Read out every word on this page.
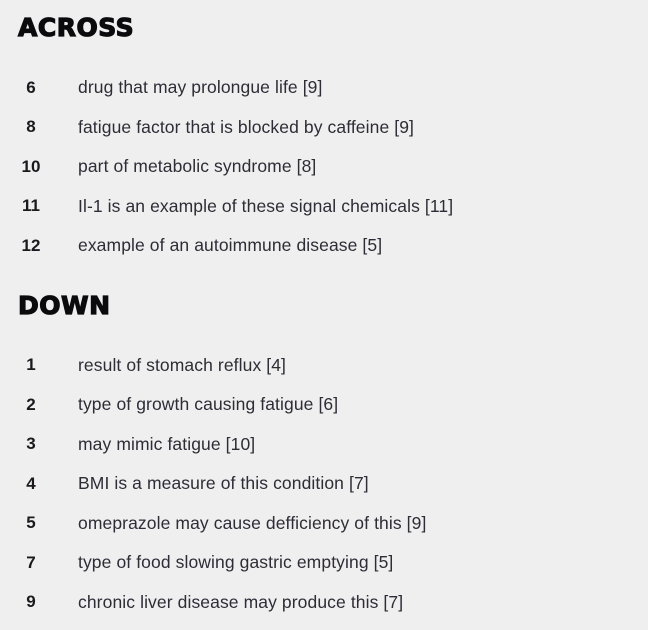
ACROSS
6	drug that may prolongue life [9]
8	fatigue factor that is blocked by caffeine [9]
10 part of metabolic syndrome [8]
11 Il-1 is an example of these signal chemicals [11]
12 example of an autoimmune disease [5]
DOWN
1	result of stomach reflux [4]
2	type of growth causing fatigue [6]
3	may mimic fatigue [10]
4	BMI is a measure of this condition [7]
5	omeprazole may cause defficiency of this [9]
7	type of food slowing gastric emptying [5]
9	chronic liver disease may produce this [7]
